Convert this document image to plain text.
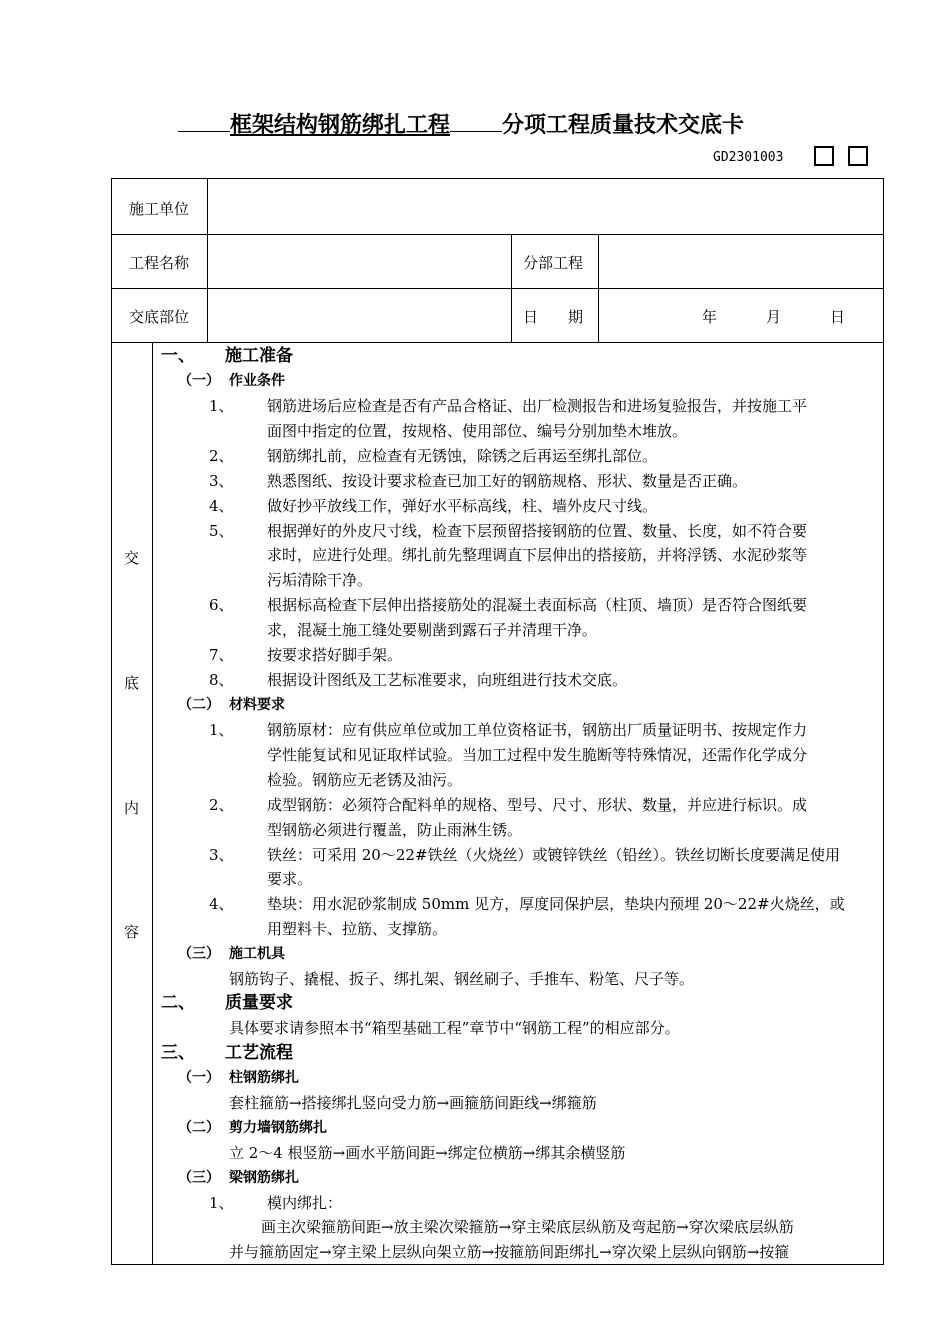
框架结构钢筋绑扎工程 分项工程质量技术交底卡
GD2301003
施工单位
工程名称	分部工程
交底部位	日　　期	年	月	日
交
底
内
容
一、 施工准备
（一） 作业条件
1、 钢筋进场后应检查是否有产品合格证、出厂检测报告和进场复验报告，并按施工平
面图中指定的位置，按规格、使用部位、编号分别加垫木堆放。
2、 钢筋绑扎前，应检查有无锈蚀，除锈之后再运至绑扎部位。
3、 熟悉图纸、按设计要求检查已加工好的钢筋规格、形状、数量是否正确。
4、 做好抄平放线工作，弹好水平标高线，柱、墙外皮尺寸线。
5、 根据弹好的外皮尺寸线，检查下层预留搭接钢筋的位置、数量、长度，如不符合要
求时，应进行处理。绑扎前先整理调直下层伸出的搭接筋，并将浮锈、水泥砂浆等
污垢清除干净。
6、 根据标高检查下层伸出搭接筋处的混凝土表面标高（柱顶、墙顶）是否符合图纸要
求，混凝土施工缝处要剔凿到露石子并清理干净。
7、 按要求搭好脚手架。
8、 根据设计图纸及工艺标准要求，向班组进行技术交底。
（二） 材料要求
1、 钢筋原材：应有供应单位或加工单位资格证书，钢筋出厂质量证明书、按规定作力
学性能复试和见证取样试验。当加工过程中发生脆断等特殊情况，还需作化学成分
检验。钢筋应无老锈及油污。
2、 成型钢筋：必须符合配料单的规格、型号、尺寸、形状、数量，并应进行标识。成
型钢筋必须进行覆盖，防止雨淋生锈。
3、 铁丝：可采用 20～22#铁丝（火烧丝）或镀锌铁丝（铅丝）。铁丝切断长度要满足使用
要求。
4、 垫块：用水泥砂浆制成 50mm 见方，厚度同保护层，垫块内预埋 20～22#火烧丝，或
用塑料卡、拉筋、支撑筋。
（三） 施工机具
钢筋钩子、撬棍、扳子、绑扎架、钢丝刷子、手推车、粉笔、尺子等。
二、 质量要求
具体要求请参照本书“箱型基础工程”章节中“钢筋工程”的相应部分。
三、 工艺流程
（一） 柱钢筋绑扎
套柱箍筋→搭接绑扎竖向受力筋→画箍筋间距线→绑箍筋
（二） 剪力墙钢筋绑扎
立 2～4 根竖筋→画水平筋间距→绑定位横筋→绑其余横竖筋
（三） 梁钢筋绑扎
1、 模内绑扎：
画主次梁箍筋间距→放主梁次梁箍筋→穿主梁底层纵筋及弯起筋→穿次梁底层纵筋
并与箍筋固定→穿主梁上层纵向架立筋→按箍筋间距绑扎→穿次梁上层纵向钢筋→按箍
